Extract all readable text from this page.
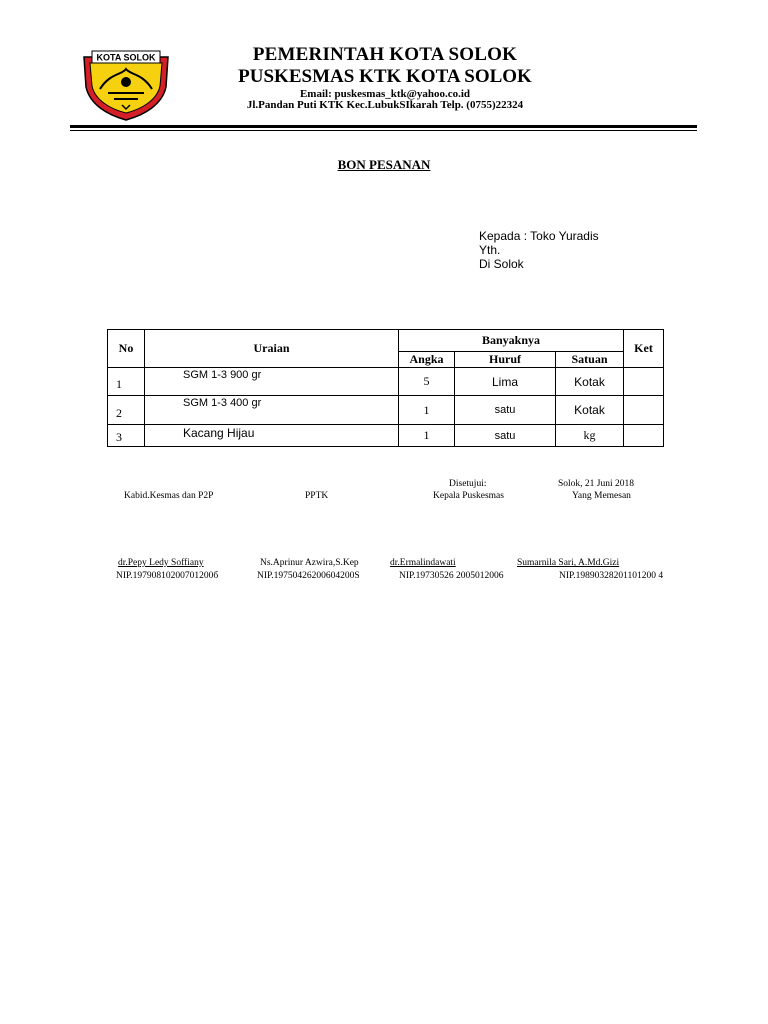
KOTA SOLOK	PEMERINTAH KOTA SOLOK
PUSKESMAS KTK KOTA SOLOK
Email: puskesmas_ktk@yahoo.co.id
Jl.Pandan Puti KTK Kec.LubukSIkarah Telp. (0755)22324
BON PESANAN
Kepada : Toko Yuradis
Yth.
Di Solok
No	Uraian	Banyaknya			Ket
		Angka	Huruf	Satuan	
1	SGM 1-3 900 gr	5	Lima	Kotak	
2	SGM 1-3 400 gr	1	satu	Kotak	
3	Kacang Hijau	1	satu	kg	
Solok, 21 Juni 2018
Disetujui:
Kabid.Kesmas dan P2P	PPTK	Kepala Puskesmas	Yang Memesan
dr.Pepy Ledy Soffiany	Ns.Aprinur Azwira,S.Kep	dr.Ermalindawati	Sumarnila Sari, A.Md.Gizi
NIP.19790810200701200б	NIP.19750426200604200S	NIP.19730526 2005012006	NIP.19890328201101200 4
